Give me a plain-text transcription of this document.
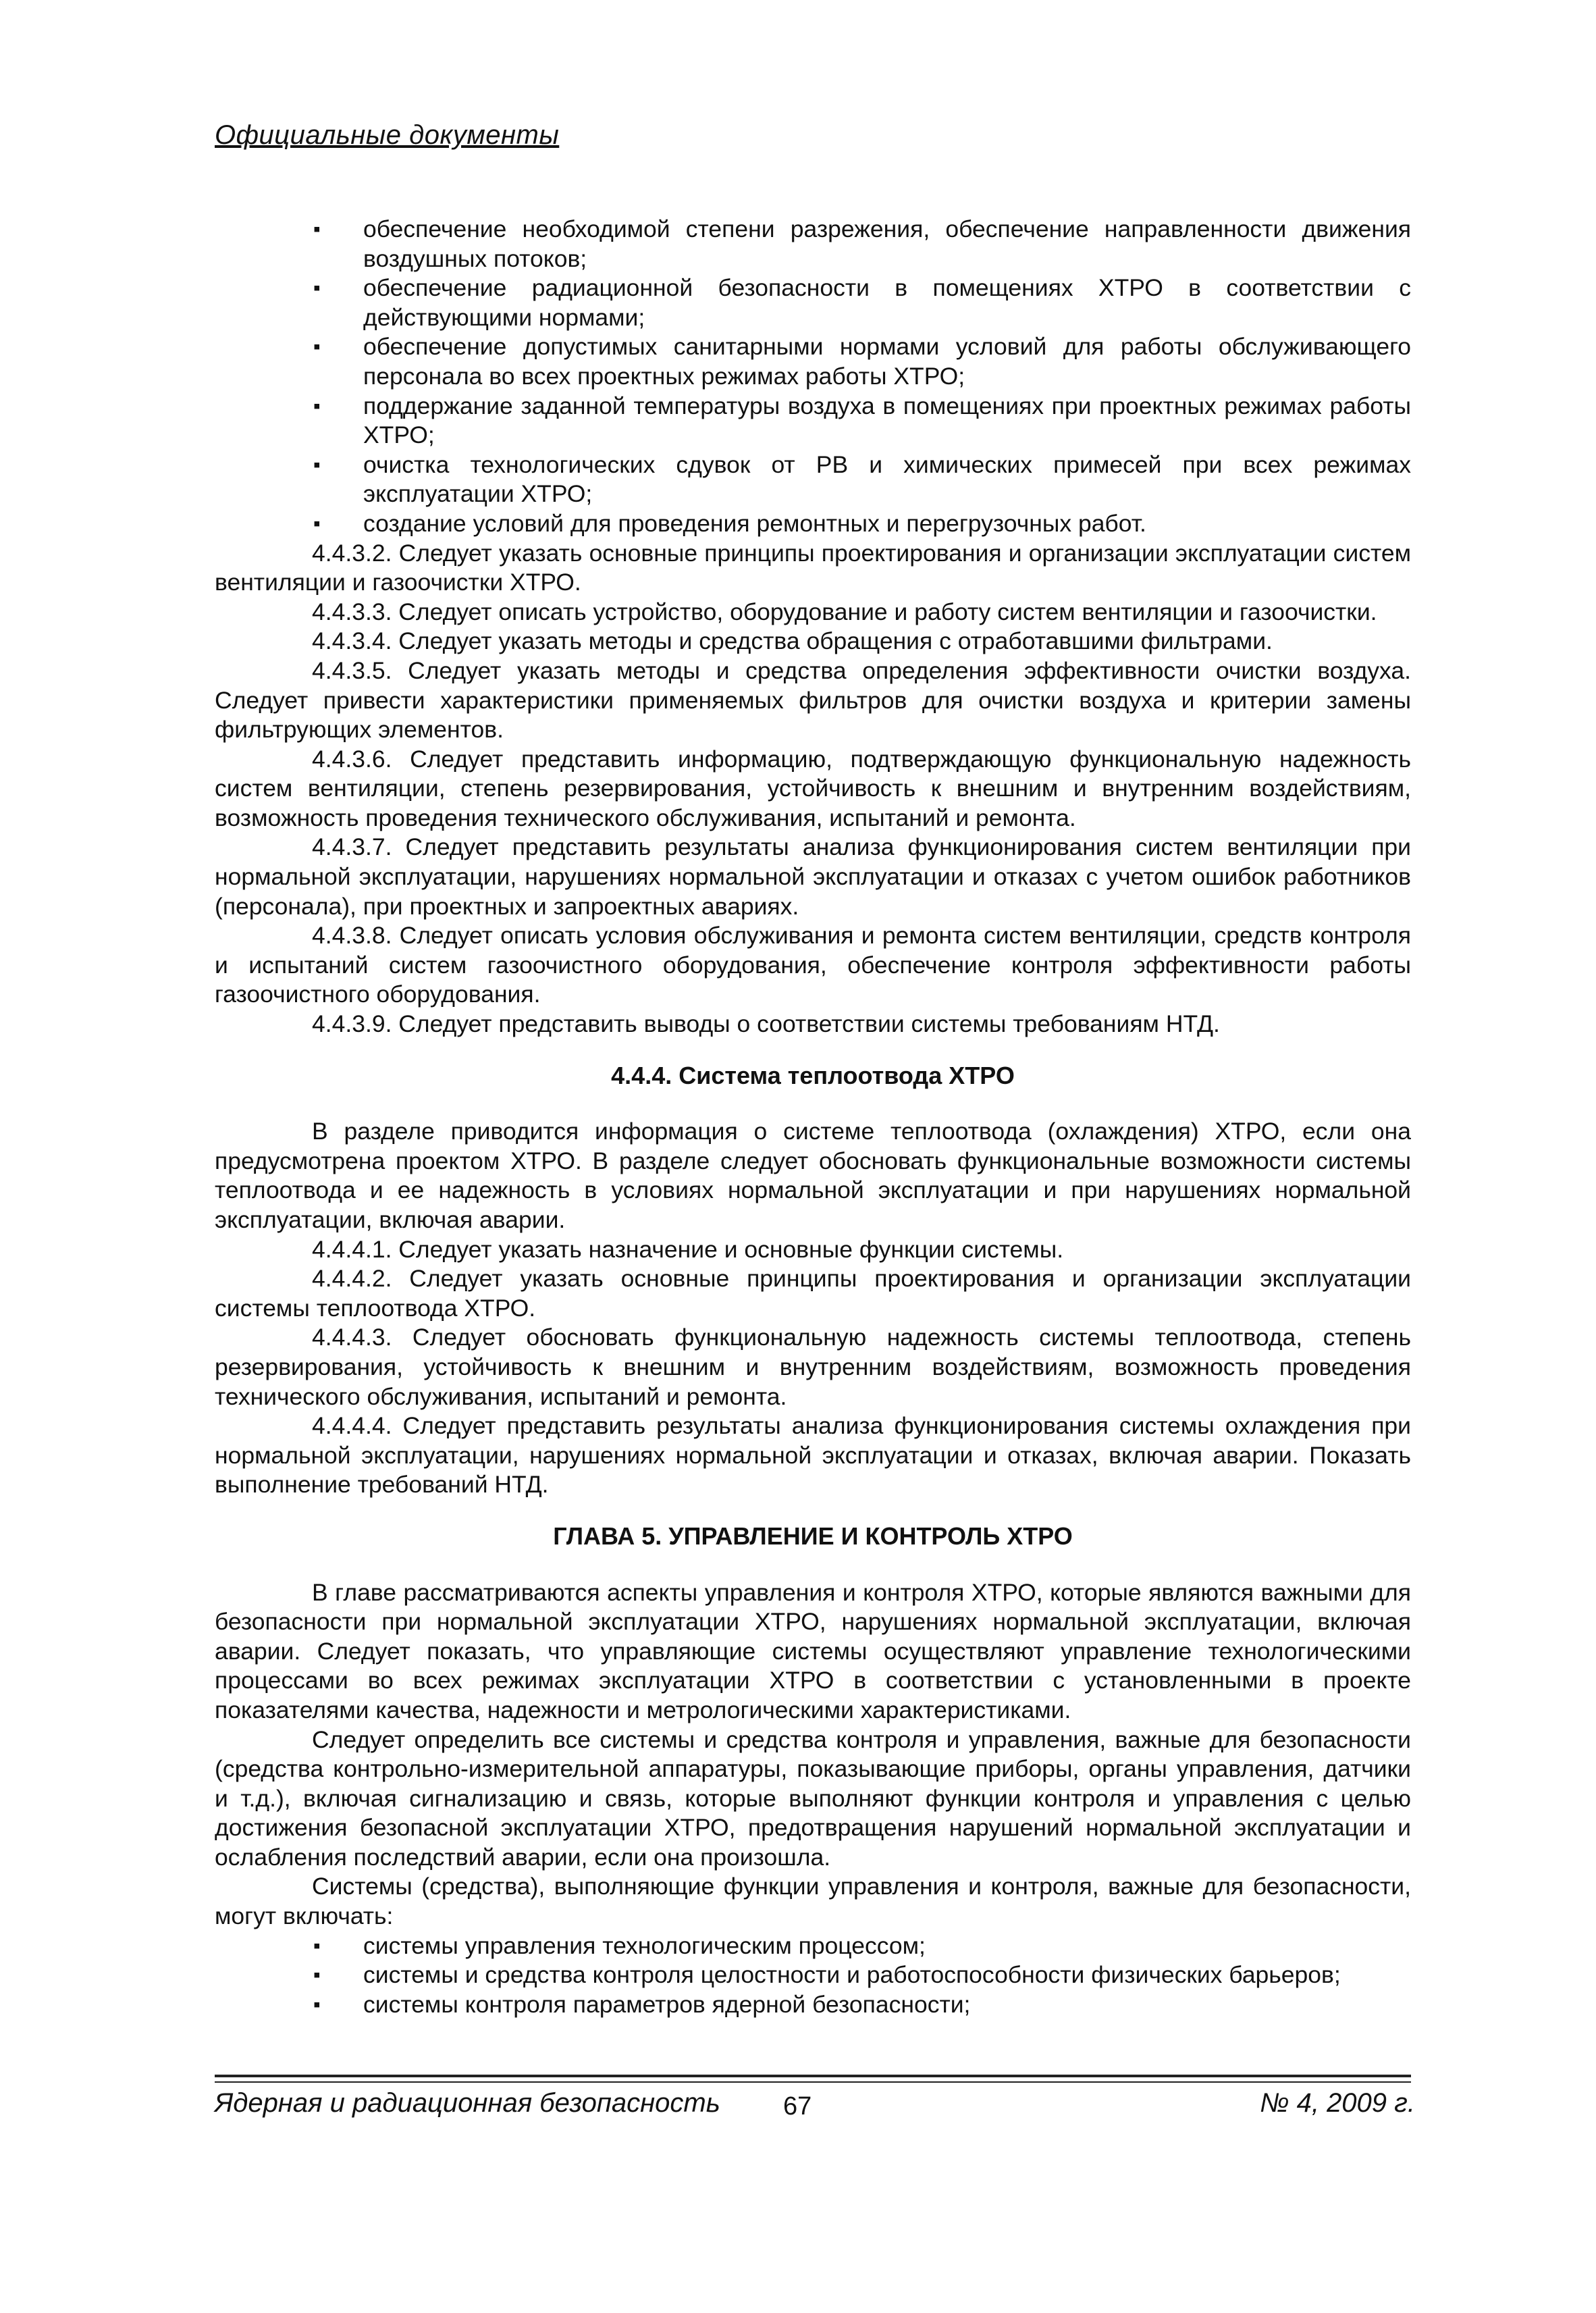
Официальные документы
▪ обеспечение необходимой степени разрежения, обеспечение направленности движения воздушных потоков;
▪ обеспечение радиационной безопасности в помещениях ХТРО в соответствии с действующими нормами;
▪ обеспечение допустимых санитарными нормами условий для работы обслуживающего персонала во всех проектных режимах работы ХТРО;
▪ поддержание заданной температуры воздуха в помещениях при проектных режимах работы ХТРО;
▪ очистка технологических сдувок от РВ и химических примесей при всех режимах эксплуатации ХТРО;
▪ создание условий для проведения ремонтных и перегрузочных работ.

4.4.3.2. Следует указать основные принципы проектирования и организации эксплуатации систем вентиляции и газоочистки ХТРО.

4.4.3.3. Следует описать устройство, оборудование и работу систем вентиляции и газоочистки.

4.4.3.4. Следует указать методы и средства обращения с отработавшими фильтрами.

4.4.3.5. Следует указать методы и средства определения эффективности очистки воздуха. Следует привести характеристики применяемых фильтров для очистки воздуха и критерии замены фильтрующих элементов.

4.4.3.6. Следует представить информацию, подтверждающую функциональную надежность систем вентиляции, степень резервирования, устойчивость к внешним и внутренним воздействиям, возможность проведения технического обслуживания, испытаний и ремонта.

4.4.3.7. Следует представить результаты анализа функционирования систем вентиляции при нормальной эксплуатации, нарушениях нормальной эксплуатации и отказах с учетом ошибок работников (персонала), при проектных и запроектных авариях.

4.4.3.8. Следует описать условия обслуживания и ремонта систем вентиляции, средств контроля и испытаний систем газоочистного оборудования, обеспечение контроля эффективности работы газоочистного оборудования.

4.4.3.9. Следует представить выводы о соответствии системы требованиям НТД.

4.4.4. Система теплоотвода ХТРО

В разделе приводится информация о системе теплоотвода (охлаждения) ХТРО, если она предусмотрена проектом ХТРО. В разделе следует обосновать функциональные возможности системы теплоотвода и ее надежность в условиях нормальной эксплуатации и при нарушениях нормальной эксплуатации, включая аварии.

4.4.4.1. Следует указать назначение и основные функции системы.

4.4.4.2. Следует указать основные принципы проектирования и организации эксплуатации системы теплоотвода ХТРО.

4.4.4.3. Следует обосновать функциональную надежность системы теплоотвода, степень резервирования, устойчивость к внешним и внутренним воздействиям, возможность проведения технического обслуживания, испытаний и ремонта.

4.4.4.4. Следует представить результаты анализа функционирования системы охлаждения при нормальной эксплуатации, нарушениях нормальной эксплуатации и отказах, включая аварии. Показать выполнение требований НТД.

ГЛАВА 5. УПРАВЛЕНИЕ И КОНТРОЛЬ ХТРО

В главе рассматриваются аспекты управления и контроля ХТРО, которые являются важными для безопасности при нормальной эксплуатации ХТРО, нарушениях нормальной эксплуатации, включая аварии. Следует показать, что управляющие системы осуществляют управление технологическими процессами во всех режимах эксплуатации ХТРО в соответствии с установленными в проекте показателями качества, надежности и метрологическими характеристиками.

Следует определить все системы и средства контроля и управления, важные для безопасности (средства контрольно-измерительной аппаратуры, показывающие приборы, органы управления, датчики и т.д.), включая сигнализацию и связь, которые выполняют функции контроля и управления с целью достижения безопасной эксплуатации ХТРО, предотвращения нарушений нормальной эксплуатации и ослабления последствий аварии, если она произошла.

Системы (средства), выполняющие функции управления и контроля, важные для безопасности, могут включать:

▪ системы управления технологическим процессом;
▪ системы и средства контроля целостности и работоспособности физических барьеров;
▪ системы контроля параметров ядерной безопасности;
Ядерная и радиационная безопасность 67	№ 4, 2009 г.
